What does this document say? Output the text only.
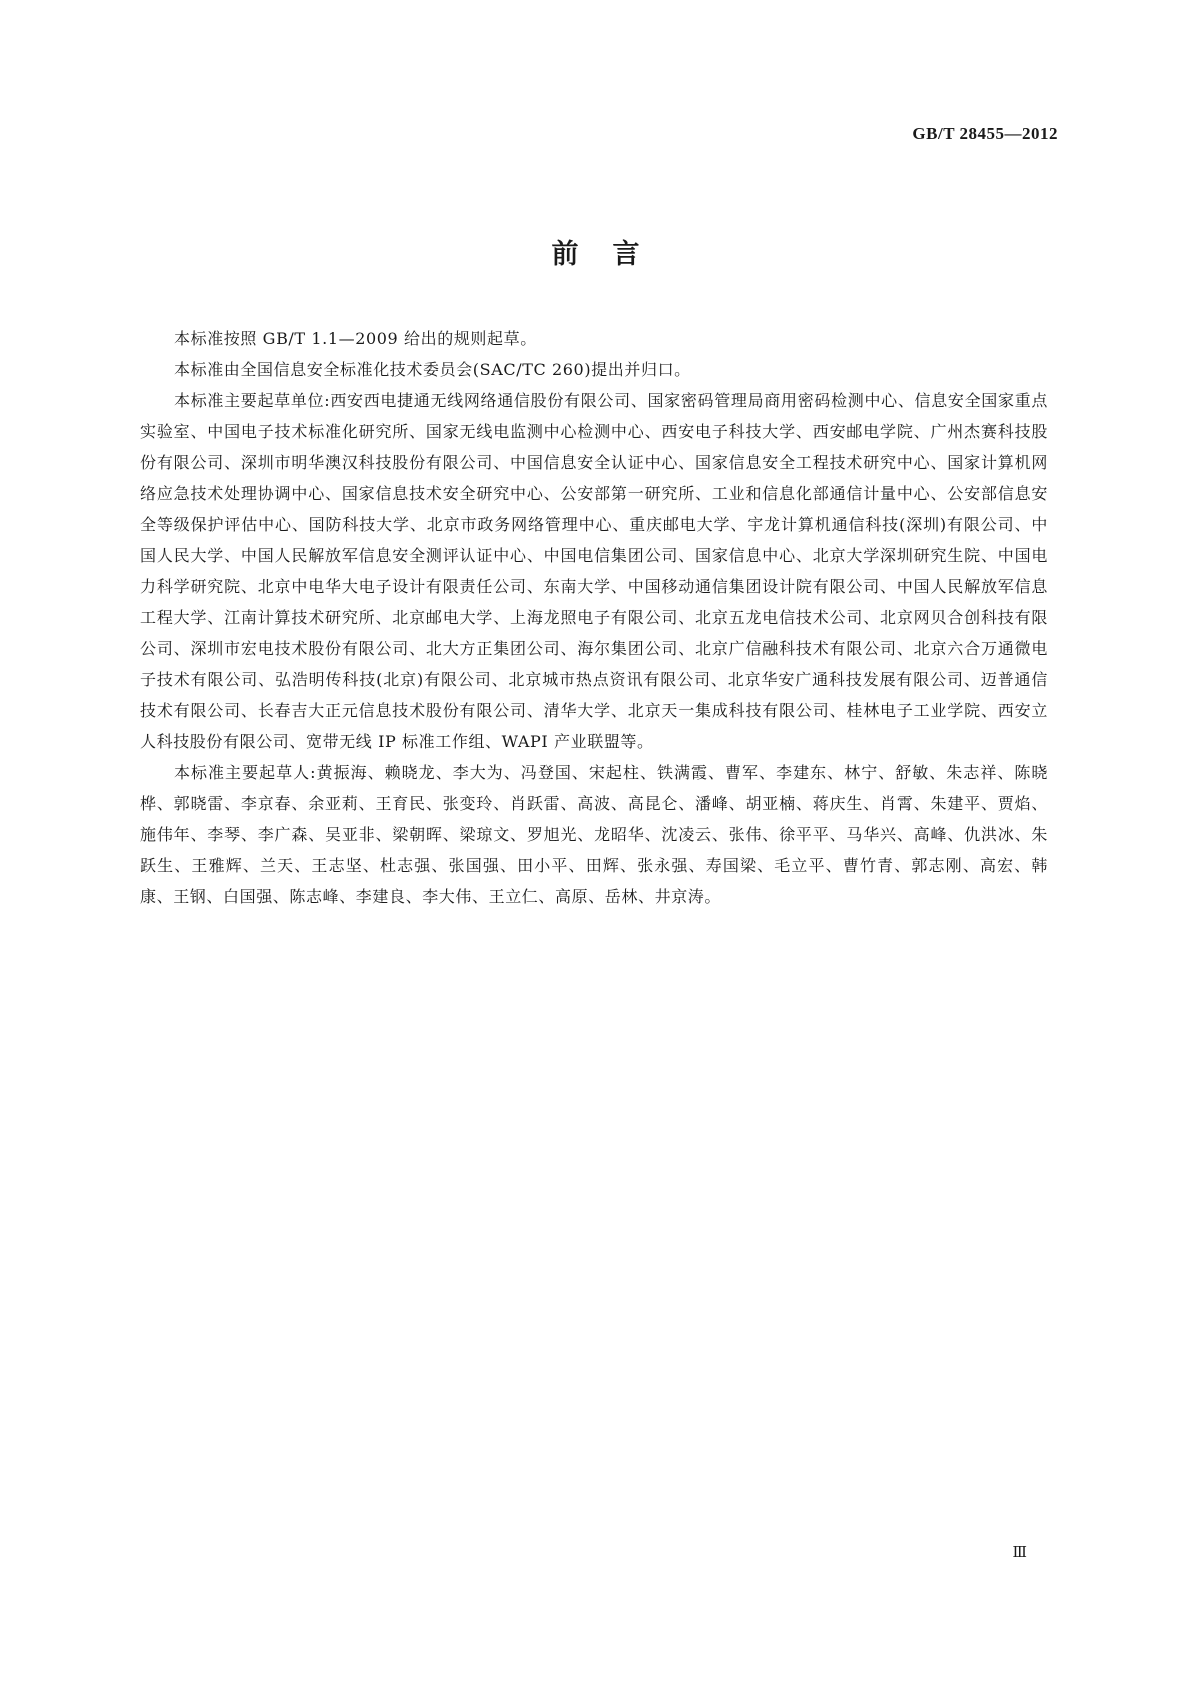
GB/T 28455—2012
前言

本标准按照 GB/T 1.1—2009 给出的规则起草。

本标准由全国信息安全标准化技术委员会(SAC/TC 260)提出并归口。

本标准主要起草单位:西安西电捷通无线网络通信股份有限公司、国家密码管理局商用密码检测中心、信息安全国家重点实验室、中国电子技术标准化研究所、国家无线电监测中心检测中心、西安电子科技大学、西安邮电学院、广州杰赛科技股份有限公司、深圳市明华澳汉科技股份有限公司、中国信息安全认证中心、国家信息安全工程技术研究中心、国家计算机网络应急技术处理协调中心、国家信息技术安全研究中心、公安部第一研究所、工业和信息化部通信计量中心、公安部信息安全等级保护评估中心、国防科技大学、北京市政务网络管理中心、重庆邮电大学、宇龙计算机通信科技(深圳)有限公司、中国人民大学、中国人民解放军信息安全测评认证中心、中国电信集团公司、国家信息中心、北京大学深圳研究生院、中国电力科学研究院、北京中电华大电子设计有限责任公司、东南大学、中国移动通信集团设计院有限公司、中国人民解放军信息工程大学、江南计算技术研究所、北京邮电大学、上海龙照电子有限公司、北京五龙电信技术公司、北京网贝合创科技有限公司、深圳市宏电技术股份有限公司、北大方正集团公司、海尔集团公司、北京广信融科技术有限公司、北京六合万通微电子技术有限公司、弘浩明传科技(北京)有限公司、北京城市热点资讯有限公司、北京华安广通科技发展有限公司、迈普通信技术有限公司、长春吉大正元信息技术股份有限公司、清华大学、北京天一集成科技有限公司、桂林电子工业学院、西安立人科技股份有限公司、宽带无线 IP 标准工作组、WAPI 产业联盟等。

本标准主要起草人:黄振海、赖晓龙、李大为、冯登国、宋起柱、铁满霞、曹军、李建东、林宁、舒敏、朱志祥、陈晓桦、郭晓雷、李京春、余亚莉、王育民、张变玲、肖跃雷、高波、高昆仑、潘峰、胡亚楠、蒋庆生、肖霄、朱建平、贾焰、施伟年、李琴、李广森、吴亚非、梁朝晖、梁琼文、罗旭光、龙昭华、沈凌云、张伟、徐平平、马华兴、高峰、仇洪冰、朱跃生、王雅辉、兰天、王志坚、杜志强、张国强、田小平、田辉、张永强、寿国梁、毛立平、曹竹青、郭志刚、高宏、韩康、王钢、白国强、陈志峰、李建良、李大伟、王立仁、高原、岳林、井京涛。

Ⅲ
